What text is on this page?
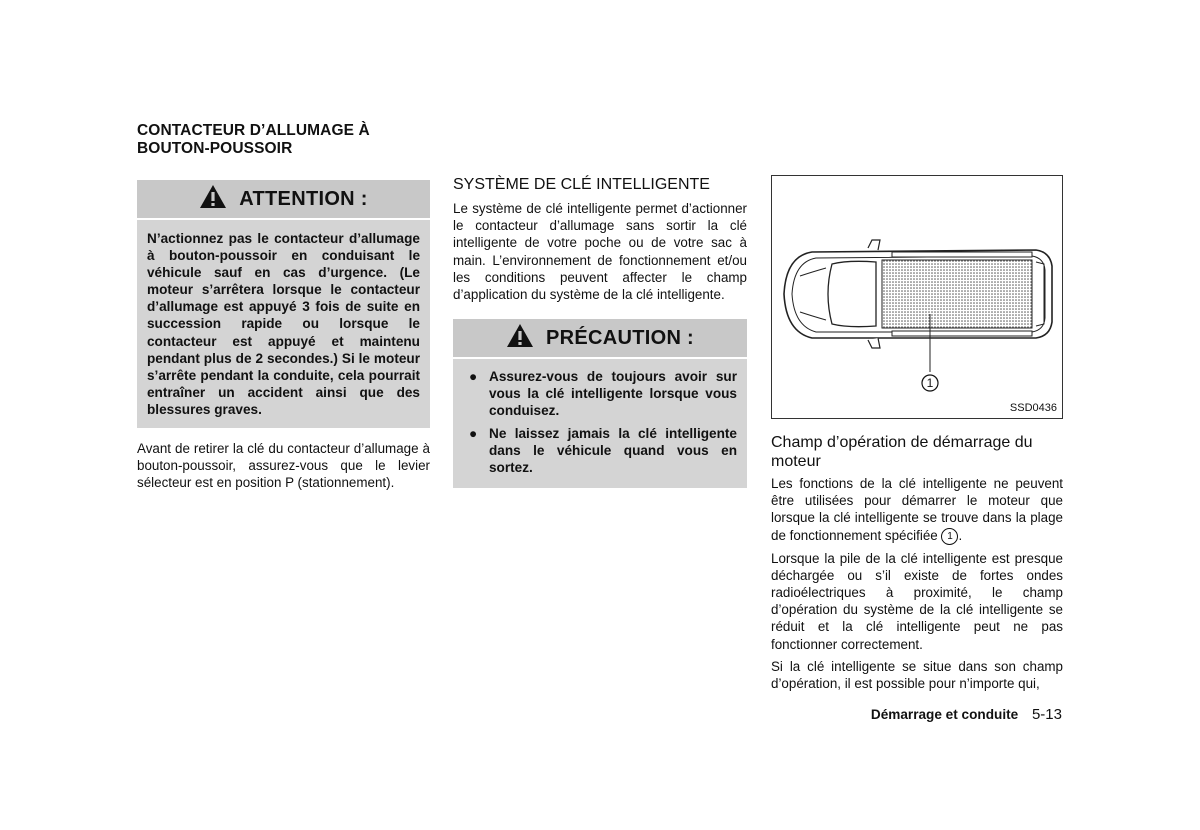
CONTACTEUR D’ALLUMAGE À
BOUTON-POUSSOIR
ATTENTION :
N’actionnez pas le contacteur d’allumage à bouton-poussoir en conduisant le véhicule sauf en cas d’urgence. (Le moteur s’arrêtera lorsque le contacteur d’allumage est appuyé 3 fois de suite en succession rapide ou lorsque le contacteur est appuyé et maintenu pendant plus de 2 secondes.) Si le moteur s’arrête pendant la conduite, cela pourrait entraîner un accident ainsi que des blessures graves.

Avant de retirer la clé du contacteur d’allumage à bouton-poussoir, assurez-vous que le levier sélecteur est en position P (stationnement).

SYSTÈME DE CLÉ INTELLIGENTE

Le système de clé intelligente permet d’actionner le contacteur d’allumage sans sortir la clé intelligente de votre poche ou de votre sac à main. L’environnement de fonctionnement et/ou les conditions peuvent affecter le champ d’application du système de la clé intelligente.

PRÉCAUTION :
● Assurez-vous de toujours avoir sur vous la clé intelligente lorsque vous conduisez.
● Ne laissez jamais la clé intelligente dans le véhicule quand vous en sortez.
1
SSD0436
Champ d’opération de démarrage du moteur

Les fonctions de la clé intelligente ne peuvent être utilisées pour démarrer le moteur que lorsque la clé intelligente se trouve dans la plage de fonctionnement spécifiée 1 .

Lorsque la pile de la clé intelligente est presque déchargée ou s’il existe de fortes ondes radioélectriques à proximité, le champ d’opération du système de la clé intelligente se réduit et la clé intelligente peut ne pas fonctionner correctement.

Si la clé intelligente se situe dans son champ d’opération, il est possible pour n’importe qui,

Démarrage et conduite 5-13
